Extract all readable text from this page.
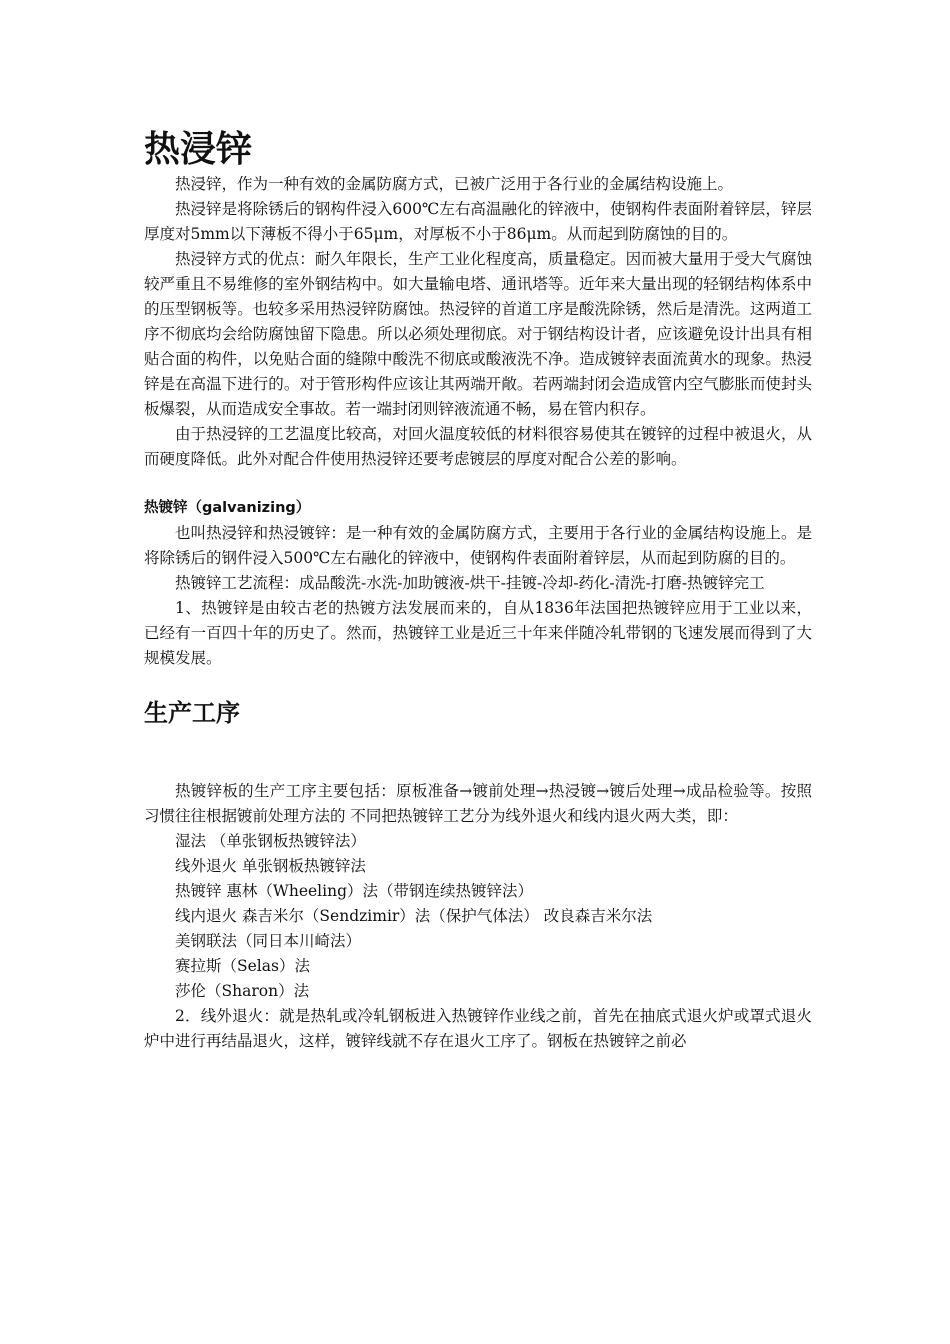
热浸锌

热浸锌，作为一种有效的金属防腐方式，已被广泛用于各行业的金属结构设施上。

热浸锌是将除锈后的钢构件浸入600℃左右高温融化的锌液中，使钢构件表面附着锌层，锌层厚度对5mm以下薄板不得小于65μm，对厚板不小于86μm。从而起到防腐蚀的目的。

热浸锌方式的优点：耐久年限长，生产工业化程度高，质量稳定。因而被大量用于受大气腐蚀较严重且不易维修的室外钢结构中。如大量输电塔、通讯塔等。近年来大量出现的轻钢结构体系中的压型钢板等。也较多采用热浸锌防腐蚀。热浸锌的首道工序是酸洗除锈，然后是清洗。这两道工序不彻底均会给防腐蚀留下隐患。所以必须处理彻底。对于钢结构设计者，应该避免设计出具有相贴合面的构件，以免贴合面的缝隙中酸洗不彻底或酸液洗不净。造成镀锌表面流黄水的现象。热浸锌是在高温下进行的。对于管形构件应该让其两端开敞。若两端封闭会造成管内空气膨胀而使封头板爆裂，从而造成安全事故。若一端封闭则锌液流通不畅，易在管内积存。

由于热浸锌的工艺温度比较高，对回火温度较低的材料很容易使其在镀锌的过程中被退火，从而硬度降低。此外对配合件使用热浸锌还要考虑镀层的厚度对配合公差的影响。

热镀锌（galvanizing）

也叫热浸锌和热浸镀锌：是一种有效的金属防腐方式，主要用于各行业的金属结构设施上。是将除锈后的钢件浸入500℃左右融化的锌液中，使钢构件表面附着锌层，从而起到防腐的目的。

热镀锌工艺流程：成品酸洗-水洗-加助镀液-烘干-挂镀-冷却-药化-清洗-打磨-热镀锌完工

1、热镀锌是由较古老的热镀方法发展而来的，自从1836年法国把热镀锌应用于工业以来，已经有一百四十年的历史了。然而，热镀锌工业是近三十年来伴随冷轧带钢的飞速发展而得到了大规模发展。

生产工序

热镀锌板的生产工序主要包括：原板准备→镀前处理→热浸镀→镀后处理→成品检验等。按照习惯往往根据镀前处理方法的 不同把热镀锌工艺分为线外退火和线内退火两大类，即：

湿法 （单张钢板热镀锌法）

线外退火 单张钢板热镀锌法

热镀锌 惠林（Wheeling）法（带钢连续热镀锌法）

线内退火 森吉米尔（Sendzimir）法（保护气体法） 改良森吉米尔法

美钢联法（同日本川崎法）

赛拉斯（Selas）法

莎伦（Sharon）法

2．线外退火：就是热轧或冷轧钢板进入热镀锌作业线之前，首先在抽底式退火炉或罩式退火炉中进行再结晶退火，这样，镀锌线就不存在退火工序了。钢板在热镀锌之前必
